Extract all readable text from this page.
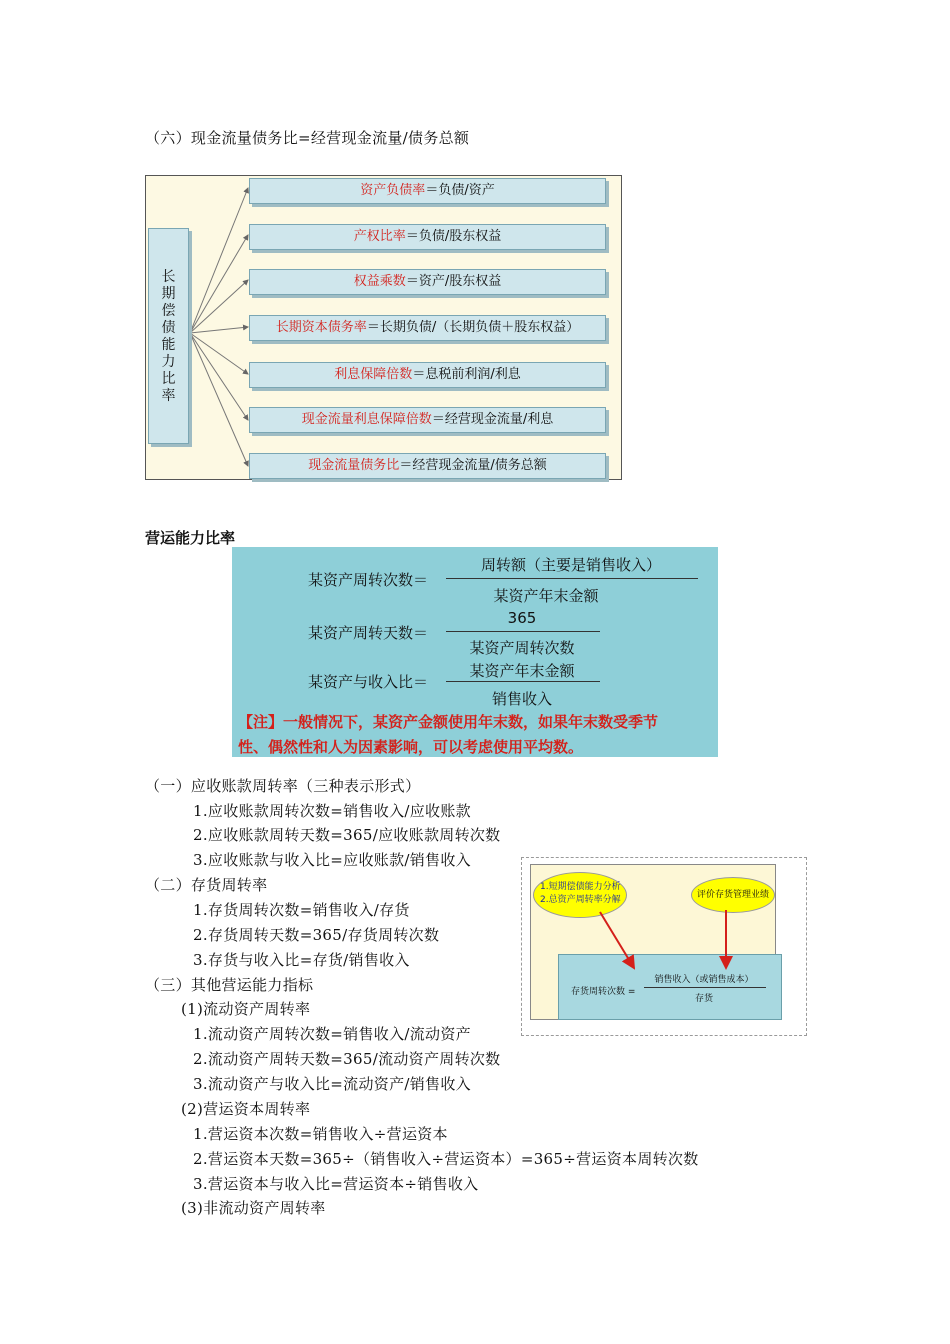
（六）现金流量债务比=经营现金流量/债务总额
长
期
偿
债
能
力
比
率
资产负债率＝负债/资产
产权比率＝负债/股东权益
权益乘数＝资产/股东权益
长期资本债务率＝长期负债/（长期负债＋股东权益）
利息保障倍数＝息税前利润/利息
现金流量利息保障倍数＝经营现金流量/利息
现金流量债务比＝经营现金流量/债务总额
营运能力比率
某资产周转次数＝
周转额（主要是销售收入）
某资产年末金额
某资产周转天数＝
365
某资产周转次数
某资产与收入比＝
某资产年末金额
销售收入
【注】一般情况下，某资产金额使用年末数，如果年末数受季节
性、偶然性和人为因素影响，可以考虑使用平均数。
（一）应收账款周转率（三种表示形式）
1.应收账款周转次数=销售收入/应收账款
2.应收账款周转天数=365/应收账款周转次数
3.应收账款与收入比=应收账款/销售收入
（二）存货周转率
1.存货周转次数=销售收入/存货
2.存货周转天数=365/存货周转次数
3.存货与收入比=存货/销售收入
（三）其他营运能力指标
(1)流动资产周转率
1.流动资产周转次数=销售收入/流动资产
2.流动资产周转天数=365/流动资产周转次数
3.流动资产与收入比=流动资产/销售收入
(2)营运资本周转率
1.营运资本次数=销售收入÷营运资本
2.营运资本天数=365÷（销售收入÷营运资本）=365÷营运资本周转次数
3.营运资本与收入比=营运资本÷销售收入
(3)非流动资产周转率
存货周转次数 =
销售收入（或销售成本）
存货
1.短期偿债能力分析
2.总资产周转率分解	评价存货管理业绩
